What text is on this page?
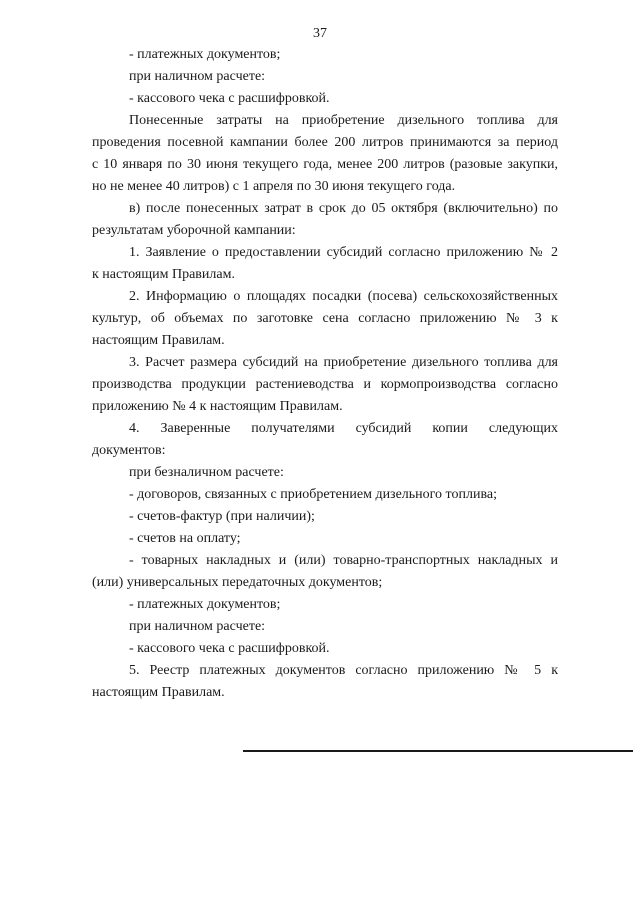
37
- платежных документов;
при наличном расчете:
- кассового чека с расшифровкой.
Понесенные затраты на приобретение дизельного топлива для
проведения посевной кампании более 200 литров принимаются за период
с 10 января по 30 июня текущего года, менее 200 литров (разовые закупки,
но не менее 40 литров) с 1 апреля по 30 июня текущего года.
в) после понесенных затрат в срок до 05 октября (включительно) по
результатам уборочной кампании:
1. Заявление о предоставлении субсидий согласно приложению № 2
к настоящим Правилам.
2. Информацию о площадях посадки (посева) сельскохозяйственных
культур, об объемах по заготовке сена согласно приложению № 3 к
настоящим Правилам.
3. Расчет размера субсидий на приобретение дизельного топлива для
производства продукции растениеводства и кормопроизводства согласно
приложению № 4 к настоящим Правилам.
4. Заверенные получателями субсидий копии следующих
документов:
при безналичном расчете:
- договоров, связанных с приобретением дизельного топлива;
- счетов-фактур (при наличии);
- счетов на оплату;
- товарных накладных и (или) товарно-транспортных накладных и
(или) универсальных передаточных документов;
- платежных документов;
при наличном расчете:
- кассового чека с расшифровкой.
5. Реестр платежных документов согласно приложению № 5 к
настоящим Правилам.
